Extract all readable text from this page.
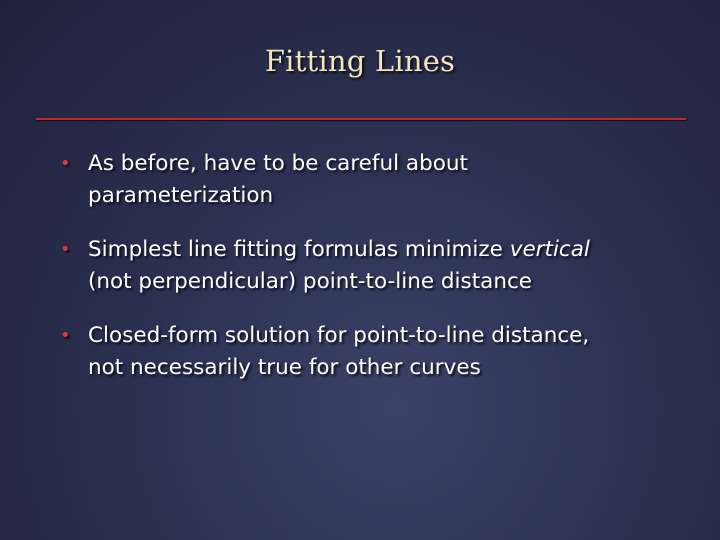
Fitting Lines
• As before, have to be careful about
parameterization
• Simplest line fitting formulas minimize vertical
(not perpendicular) point-to-line distance
• Closed-form solution for point-to-line distance,
not necessarily true for other curves
